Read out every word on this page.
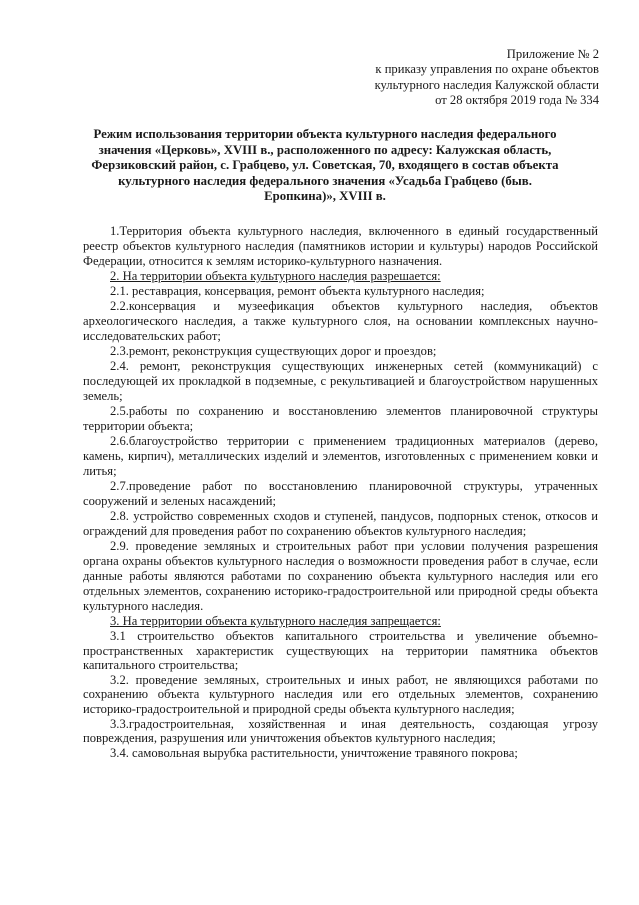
Приложение № 2
к приказу управления по охране объектов
культурного наследия Калужской области
от 28 октября 2019 года № 334
Режим использования территории объекта культурного наследия федерального
значения «Церковь», XVIII в., расположенного по адресу: Калужская область,
Ферзиковский район, с. Грабцево, ул. Советская, 70, входящего в состав объекта
культурного наследия федерального значения «Усадьба Грабцево (быв.
Еропкина)», XVIII в.

1.Территория объекта культурного наследия, включенного в единый государственный реестр объектов культурного наследия (памятников истории и культуры) народов Российской Федерации, относится к землям историко-культурного назначения.

2. На территории объекта культурного наследия разрешается:

2.1. реставрация, консервация, ремонт объекта культурного наследия;

2.2.консервация и музеефикация объектов культурного наследия, объектов археологического наследия, а также культурного слоя, на основании комплексных научно-исследовательских работ;

2.3.ремонт, реконструкция существующих дорог и проездов;

2.4. ремонт, реконструкция существующих инженерных сетей (коммуникаций) с последующей их прокладкой в подземные, с рекультивацией и благоустройством нарушенных земель;

2.5.работы по сохранению и восстановлению элементов планировочной структуры территории объекта;

2.6.благоустройство территории с применением традиционных материалов (дерево, камень, кирпич), металлических изделий и элементов, изготовленных с применением ковки и литья;

2.7.проведение работ по восстановлению планировочной структуры, утраченных сооружений и зеленых насаждений;

2.8. устройство современных сходов и ступеней, пандусов, подпорных стенок, откосов и ограждений для проведения работ по сохранению объектов культурного наследия;

2.9. проведение земляных и строительных работ при условии получения разрешения органа охраны объектов культурного наследия о возможности проведения работ в случае, если данные работы являются работами по сохранению объекта культурного наследия или его отдельных элементов, сохранению историко-градостроительной или природной среды объекта культурного наследия.

3. На территории объекта культурного наследия запрещается:

3.1 строительство объектов капитального строительства и увеличение объемно-пространственных характеристик существующих на территории памятника объектов капитального строительства;

3.2. проведение земляных, строительных и иных работ, не являющихся работами по сохранению объекта культурного наследия или его отдельных элементов, сохранению историко-градостроительной и природной среды объекта культурного наследия;

3.3.градостроительная, хозяйственная и иная деятельность, создающая угрозу повреждения, разрушения или уничтожения объектов культурного наследия;

3.4. самовольная вырубка растительности, уничтожение травяного покрова;
